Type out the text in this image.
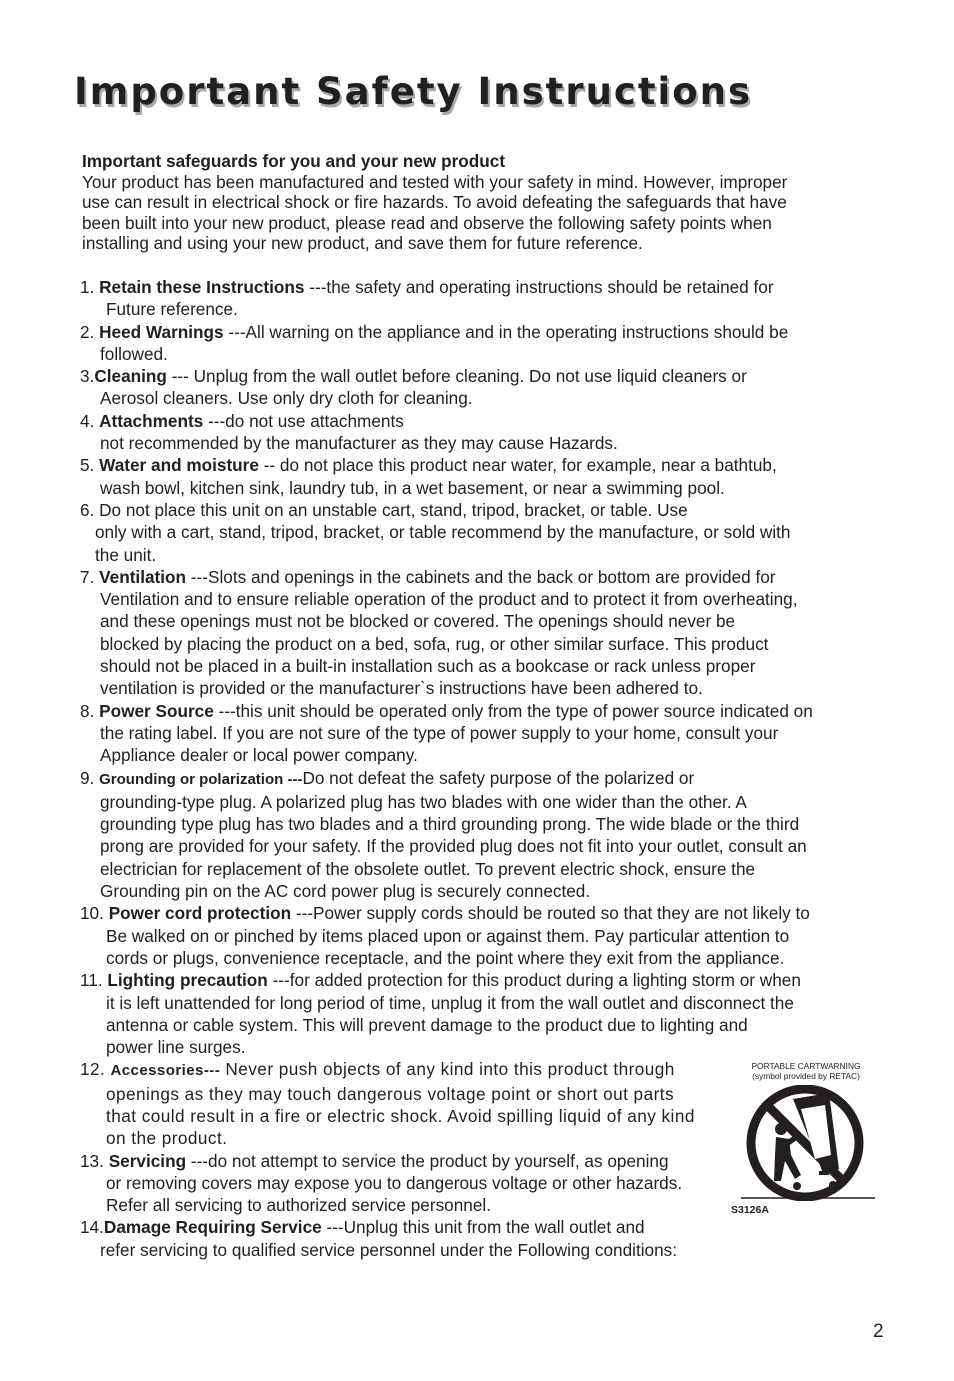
Important Safety Instructions
Important safeguards for you and your new product
Your product has been manufactured and tested with your safety in mind. However, improper
use can result in electrical shock or fire hazards. To avoid defeating the safeguards that have
been built into your new product, please read and observe the following safety points when
installing and using your new product, and save them for future reference.
1. Retain these Instructions ---the safety and operating instructions should be retained for
Future reference.
2. Heed Warnings ---All warning on the appliance and in the operating instructions should be
followed.
3.Cleaning --- Unplug from the wall outlet before cleaning. Do not use liquid cleaners or
Aerosol cleaners. Use only dry cloth for cleaning.
4. Attachments ---do not use attachments
not recommended by the manufacturer as they may cause Hazards.
5. Water and moisture -- do not place this product near water, for example, near a bathtub,
wash bowl, kitchen sink, laundry tub, in a wet basement, or near a swimming pool.
6. Do not place this unit on an unstable cart, stand, tripod, bracket, or table. Use
only with a cart, stand, tripod, bracket, or table recommend by the manufacture, or sold with
the unit.
7. Ventilation ---Slots and openings in the cabinets and the back or bottom are provided for
Ventilation and to ensure reliable operation of the product and to protect it from overheating,
and these openings must not be blocked or covered. The openings should never be
blocked by placing the product on a bed, sofa, rug, or other similar surface. This product
should not be placed in a built-in installation such as a bookcase or rack unless proper
ventilation is provided or the manufacturer`s instructions have been adhered to.
8. Power Source ---this unit should be operated only from the type of power source indicated on
the rating label. If you are not sure of the type of power supply to your home, consult your
Appliance dealer or local power company.
9. Grounding or polarization ---Do not defeat the safety purpose of the polarized or
grounding-type plug. A polarized plug has two blades with one wider than the other. A
grounding type plug has two blades and a third grounding prong. The wide blade or the third
prong are provided for your safety. If the provided plug does not fit into your outlet, consult an
electrician for replacement of the obsolete outlet. To prevent electric shock, ensure the
Grounding pin on the AC cord power plug is securely connected.
10. Power cord protection ---Power supply cords should be routed so that they are not likely to
Be walked on or pinched by items placed upon or against them. Pay particular attention to
cords or plugs, convenience receptacle, and the point where they exit from the appliance.
11. Lighting precaution ---for added protection for this product during a lighting storm or when
it is left unattended for long period of time, unplug it from the wall outlet and disconnect the
antenna or cable system. This will prevent damage to the product due to lighting and
power line surges.
12. Accessories--- Never push objects of any kind into this product through
openings as they may touch dangerous voltage point or short out parts
that could result in a fire or electric shock. Avoid spilling liquid of any kind
on the product.
13. Servicing ---do not attempt to service the product by yourself, as opening
or removing covers may expose you to dangerous voltage or other hazards.
Refer all servicing to authorized service personnel.
14.Damage Requiring Service ---Unplug this unit from the wall outlet and
refer servicing to qualified service personnel under the Following conditions:
PORTABLE CARTWARNING
(symbol provided by RETAC)
S3126A
2
